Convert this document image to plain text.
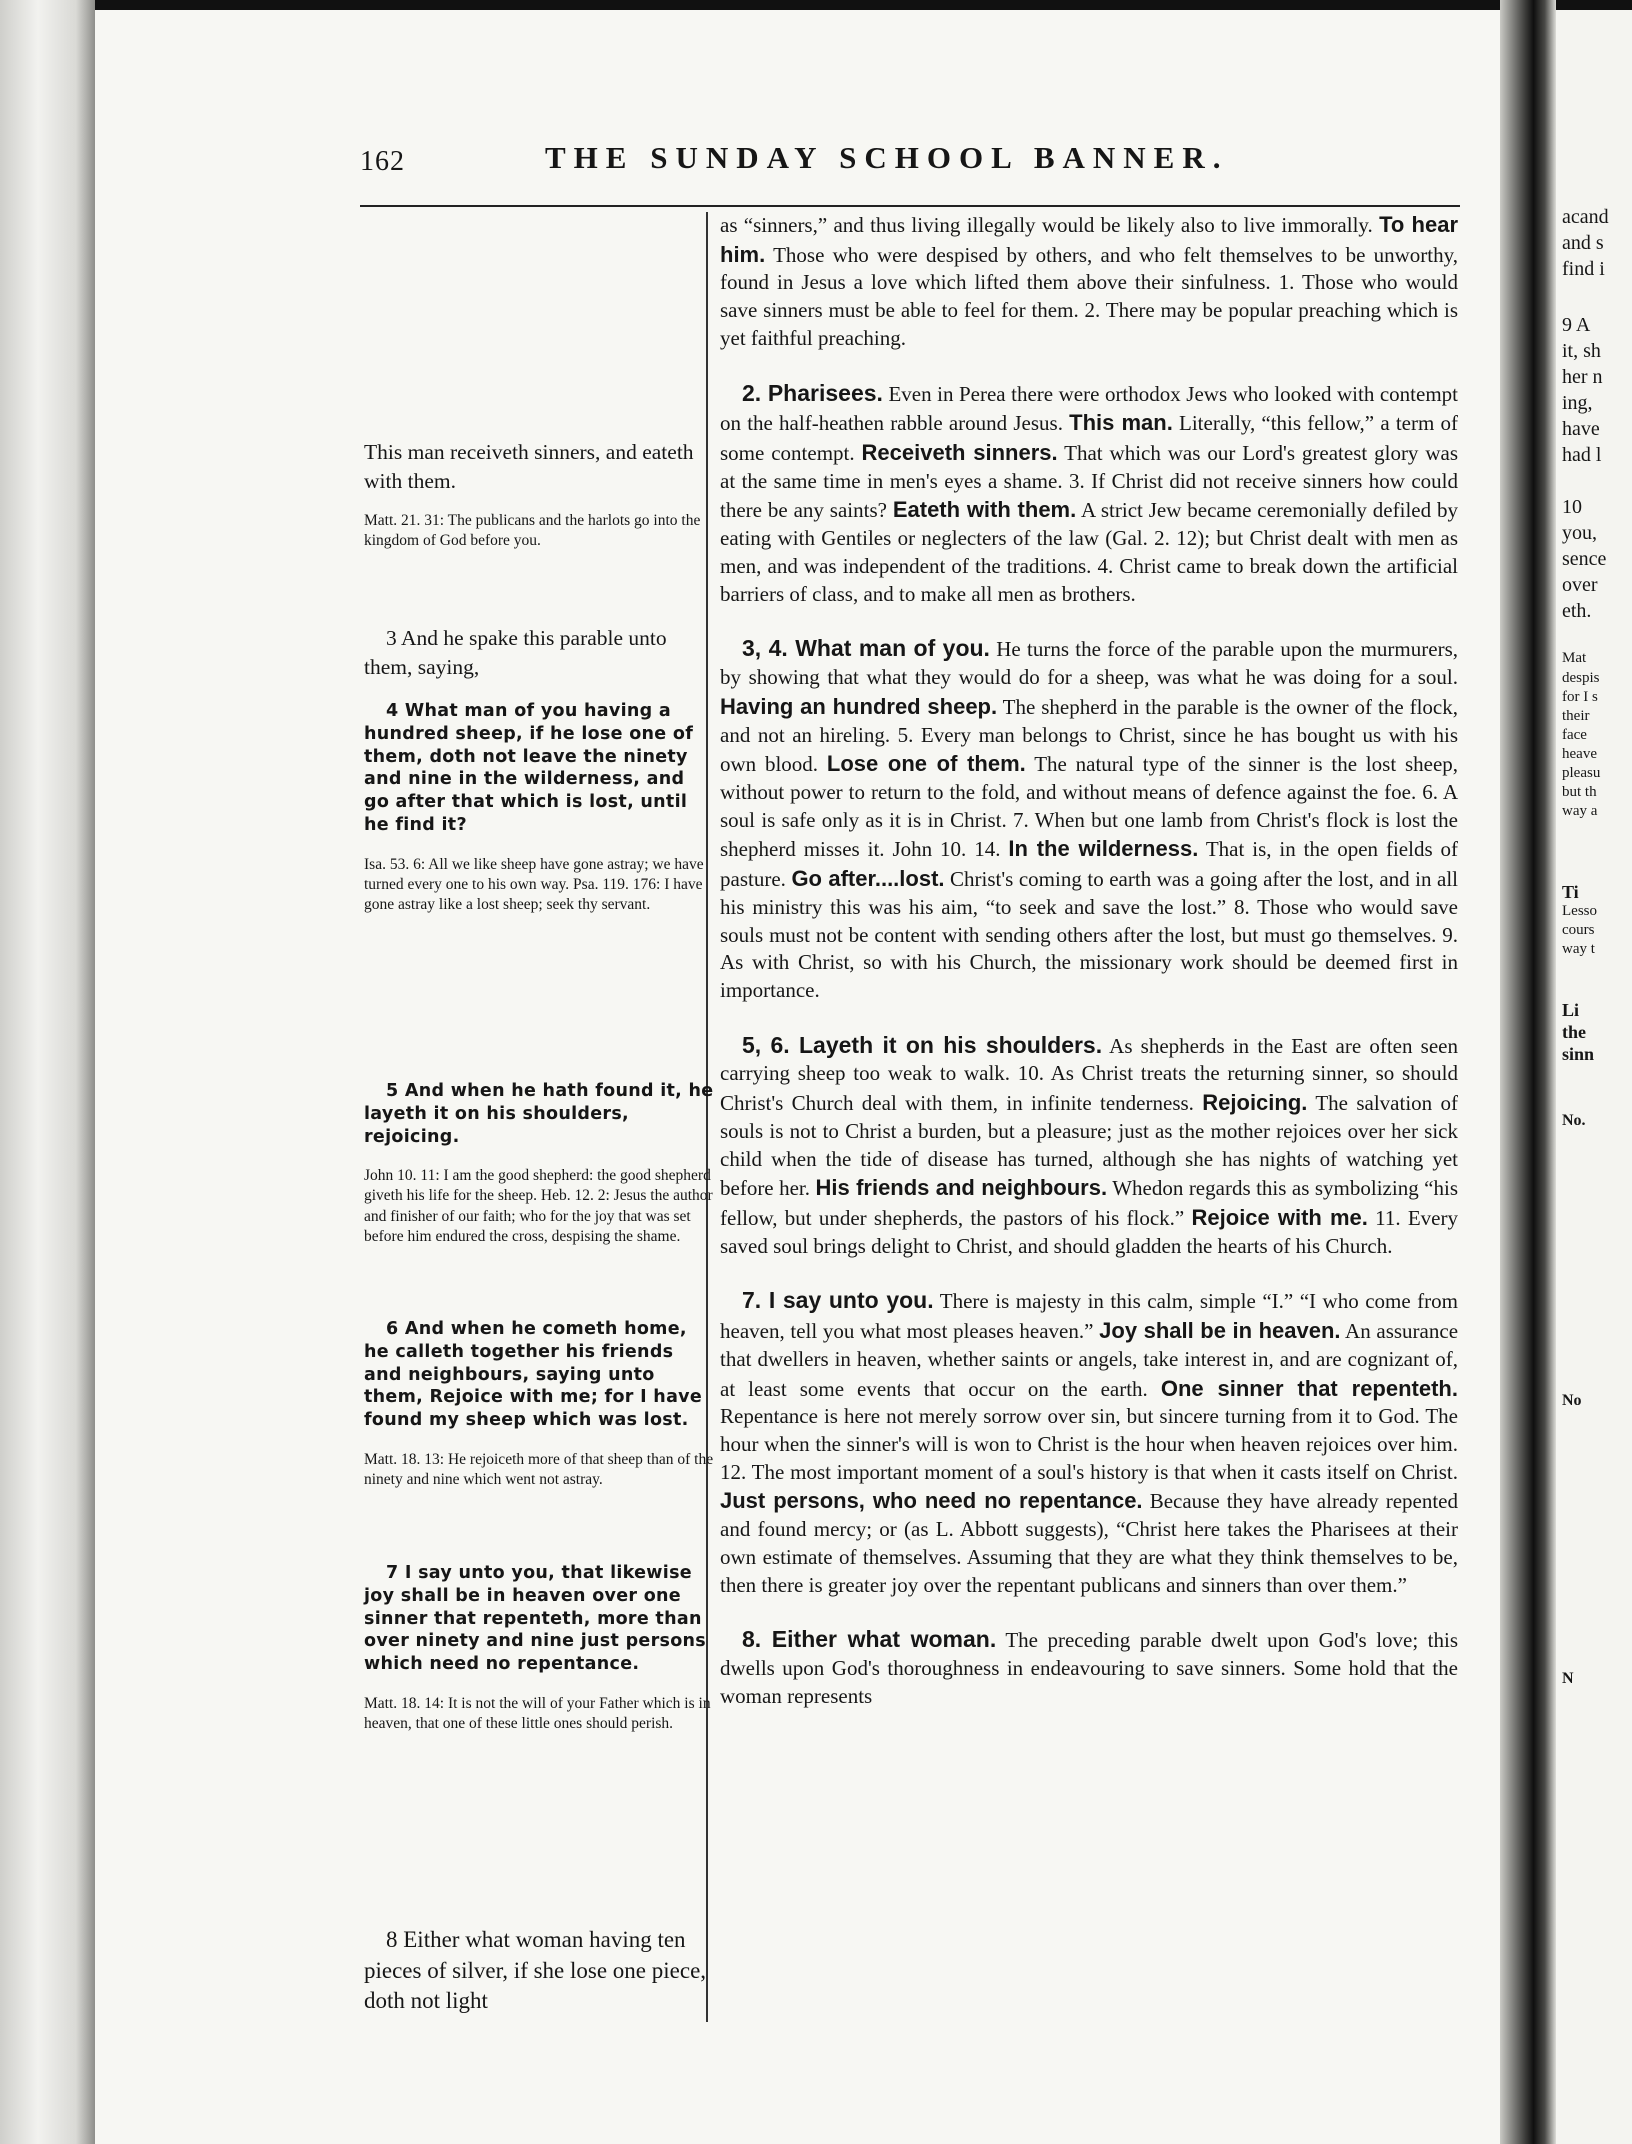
162	THE SUNDAY SCHOOL BANNER.

This man receiveth sinners, and eateth with them.

Matt. 21. 31: The publicans and the harlots go into the kingdom of God before you.

3 And he spake this parable unto them, saying,

4 What man of you having a hundred sheep, if he lose one of them, doth not leave the ninety and nine in the wilderness, and go after that which is lost, until he find it?

Isa. 53. 6: All we like sheep have gone astray; we have turned every one to his own way. Psa. 119. 176: I have gone astray like a lost sheep; seek thy servant.

5 And when he hath found it, he layeth it on his shoulders, rejoicing.

John 10. 11: I am the good shepherd: the good shepherd giveth his life for the sheep. Heb. 12. 2: Jesus the author and finisher of our faith; who for the joy that was set before him endured the cross, despising the shame.

6 And when he cometh home, he calleth together his friends and neighbours, saying unto them, Rejoice with me; for I have found my sheep which was lost.

Matt. 18. 13: He rejoiceth more of that sheep than of the ninety and nine which went not astray.

7 I say unto you, that likewise joy shall be in heaven over one sinner that repenteth, more than over ninety and nine just persons which need no repentance.

Matt. 18. 14: It is not the will of your Father which is in heaven, that one of these little ones should perish.

8 Either what woman having ten pieces of silver, if she lose one piece, doth not light

as “sinners,” and thus living illegally would be likely also to live immorally. To hear him. Those who were despised by others, and who felt themselves to be unworthy, found in Jesus a love which lifted them above their sinfulness. 1. Those who would save sinners must be able to feel for them. 2. There may be popular preaching which is yet faithful preaching.

2. Pharisees. Even in Perea there were orthodox Jews who looked with contempt on the half-heathen rabble around Jesus. This man. Literally, “this fellow,” a term of some contempt. Receiveth sinners. That which was our Lord's greatest glory was at the same time in men's eyes a shame. 3. If Christ did not receive sinners how could there be any saints? Eateth with them. A strict Jew became ceremonially defiled by eating with Gentiles or neglecters of the law (Gal. 2. 12); but Christ dealt with men as men, and was independent of the traditions. 4. Christ came to break down the artificial barriers of class, and to make all men as brothers.

3, 4. What man of you. He turns the force of the parable upon the murmurers, by showing that what they would do for a sheep, was what he was doing for a soul. Having an hundred sheep. The shepherd in the parable is the owner of the flock, and not an hireling. 5. Every man belongs to Christ, since he has bought us with his own blood. Lose one of them. The natural type of the sinner is the lost sheep, without power to return to the fold, and without means of defence against the foe. 6. A soul is safe only as it is in Christ. 7. When but one lamb from Christ's flock is lost the shepherd misses it. John 10. 14. In the wilderness. That is, in the open fields of pasture. Go after....lost. Christ's coming to earth was a going after the lost, and in all his ministry this was his aim, “to seek and save the lost.” 8. Those who would save souls must not be content with sending others after the lost, but must go themselves. 9. As with Christ, so with his Church, the missionary work should be deemed first in importance.

5, 6. Layeth it on his shoulders. As shepherds in the East are often seen carrying sheep too weak to walk. 10. As Christ treats the returning sinner, so should Christ's Church deal with them, in infinite tenderness. Rejoicing. The salvation of souls is not to Christ a burden, but a pleasure; just as the mother rejoices over her sick child when the tide of disease has turned, although she has nights of watching yet before her. His friends and neighbours. Whedon regards this as symbolizing “his fellow, but under shepherds, the pastors of his flock.” Rejoice with me. 11. Every saved soul brings delight to Christ, and should gladden the hearts of his Church.

7. I say unto you. There is majesty in this calm, simple “I.” “I who come from heaven, tell you what most pleases heaven.” Joy shall be in heaven. An assurance that dwellers in heaven, whether saints or angels, take interest in, and are cognizant of, at least some events that occur on the earth. One sinner that repenteth. Repentance is here not merely sorrow over sin, but sincere turning from it to God. The hour when the sinner's will is won to Christ is the hour when heaven rejoices over him. 12. The most important moment of a soul's history is that when it casts itself on Christ. Just persons, who need no repentance. Because they have already repented and found mercy; or (as L. Abbott suggests), “Christ here takes the Pharisees at their own estimate of themselves. Assuming that they are what they think themselves to be, then there is greater joy over the repentant publicans and sinners than over them.”

8. Either what woman. The preceding parable dwelt upon God's love; this dwells upon God's thoroughness in endeavouring to save sinners. Some hold that the woman represents

acand
and s
find i
9 A
it, sh
her n
ing,
have
had l
10
you,
sence
over
eth.
Mat
despis
for I s
their
face
heave
pleasu
but th
way a
Ti
Lesso
cours
way t
Li
the
sinn
No.
No
N
